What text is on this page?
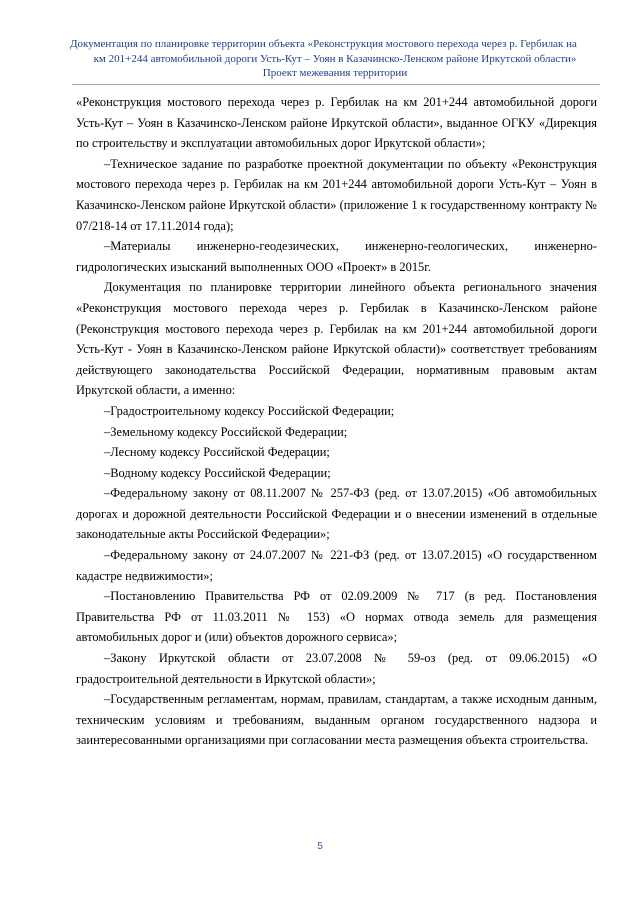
Документация по планировке территории объекта «Реконструкция мостового перехода через р. Гербилак на
км 201+244 автомобильной дороги Усть-Кут – Уоян в Казачинско-Ленском районе Иркутской области»
Проект межевания территории

«Реконструкция мостового перехода через р. Гербилак на км 201+244 автомобильной дороги Усть-Кут – Уоян в Казачинско-Ленском районе Иркутской области», выданное ОГКУ «Дирекция по строительству и эксплуатации автомобильных дорог Иркутской области»;

–Техническое задание по разработке проектной документации по объекту «Реконструкция мостового перехода через р. Гербилак на км 201+244 автомобильной дороги Усть-Кут – Уоян в Казачинско-Ленском районе Иркутской области» (приложение 1 к государственному контракту № 07/218-14 от 17.11.2014 года);

–Материалы инженерно-геодезических, инженерно-геологических, инженерно-гидрологических изысканий выполненных ООО «Проект» в 2015г.

Документация по планировке территории линейного объекта регионального значения «Реконструкция мостового перехода через р. Гербилак в Казачинско-Ленском районе (Реконструкция мостового перехода через р. Гербилак на км 201+244 автомобильной дороги Усть-Кут - Уоян в Казачинско-Ленском районе Иркутской области)» соответствует требованиям действующего законодательства Российской Федерации, нормативным правовым актам Иркутской области, а именно:

–Градостроительному кодексу Российской Федерации;

–Земельному кодексу Российской Федерации;

–Лесному кодексу Российской Федерации;

–Водному кодексу Российской Федерации;

–Федеральному закону от 08.11.2007 № 257-ФЗ (ред. от 13.07.2015) «Об автомобильных дорогах и дорожной деятельности Российской Федерации и о внесении изменений в отдельные законодательные акты Российской Федерации»;

–Федеральному закону от 24.07.2007 № 221-ФЗ (ред. от 13.07.2015) «О государственном кадастре недвижимости»;

–Постановлению Правительства РФ от 02.09.2009 № 717 (в ред. Постановления Правительства РФ от 11.03.2011 № 153) «О нормах отвода земель для размещения автомобильных дорог и (или) объектов дорожного сервиса»;

–Закону Иркутской области от 23.07.2008 № 59-оз (ред. от 09.06.2015) «О градостроительной деятельности в Иркутской области»;

–Государственным регламентам, нормам, правилам, стандартам, а также исходным данным, техническим условиям и требованиям, выданным органом государственного надзора и заинтересованными организациями при согласовании места размещения объекта строительства.

5
